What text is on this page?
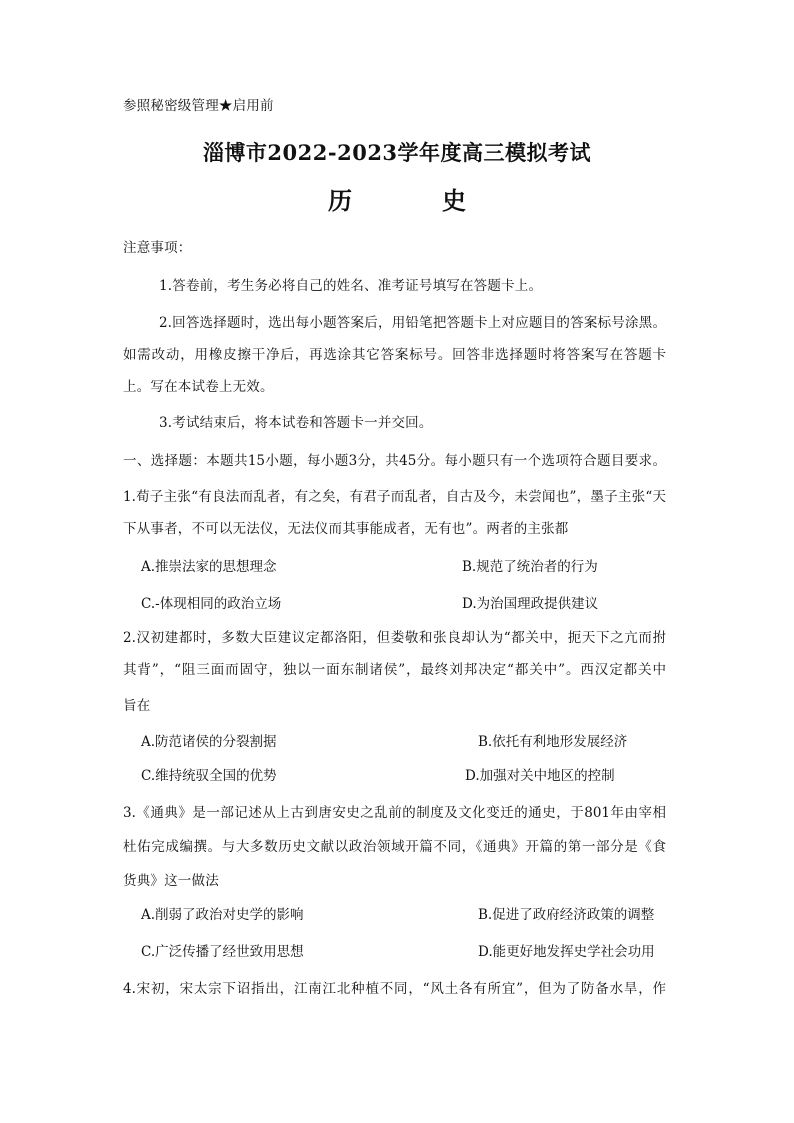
参照秘密级管理★启用前
淄博市2022-2023学年度高三模拟考试
历	史
注意事项：
1.答卷前，考生务必将自己的姓名、准考证号填写在答题卡上。
2.回答选择题时，选出每小题答案后，用铅笔把答题卡上对应题目的答案标号涂黑。
如需改动，用橡皮擦干净后，再选涂其它答案标号。回答非选择题时将答案写在答题卡
上。写在本试卷上无效。
3.考试结束后，将本试卷和答题卡一并交回。
一、选择题：本题共15小题，每小题3分，共45分。每小题只有一个选项符合题目要求。
1.荀子主张“有良法而乱者，有之矣，有君子而乱者，自古及今，未尝闻也”，墨子主张“天
下从事者，不可以无法仪，无法仪而其事能成者，无有也”。两者的主张都
A.推崇法家的思想理念	B.规范了统治者的行为
C.-体现相同的政治立场	D.为治国理政提供建议
2.汉初建都时，多数大臣建议定都洛阳，但娄敬和张良却认为“都关中，扼天下之亢而拊
其背”，“阻三面而固守，独以一面东制诸侯”，最终刘邦决定“都关中”。西汉定都关中
旨在
A.防范诸侯的分裂割据	B.依托有利地形发展经济
C.维持统驭全国的优势	D.加强对关中地区的控制
3.《通典》是一部记述从上古到唐安史之乱前的制度及文化变迁的通史，于801年由宰相
杜佑完成编撰。与大多数历史文献以政治领域开篇不同，《通典》开篇的第一部分是《食
货典》这一做法
A.削弱了政治对史学的影响	B.促进了政府经济政策的调整
C.广泛传播了经世致用思想	D.能更好地发挥史学社会功用
4.宋初，宋太宗下诏指出，江南江北种植不同，“风土各有所宜”，但为了防备水旱，作
